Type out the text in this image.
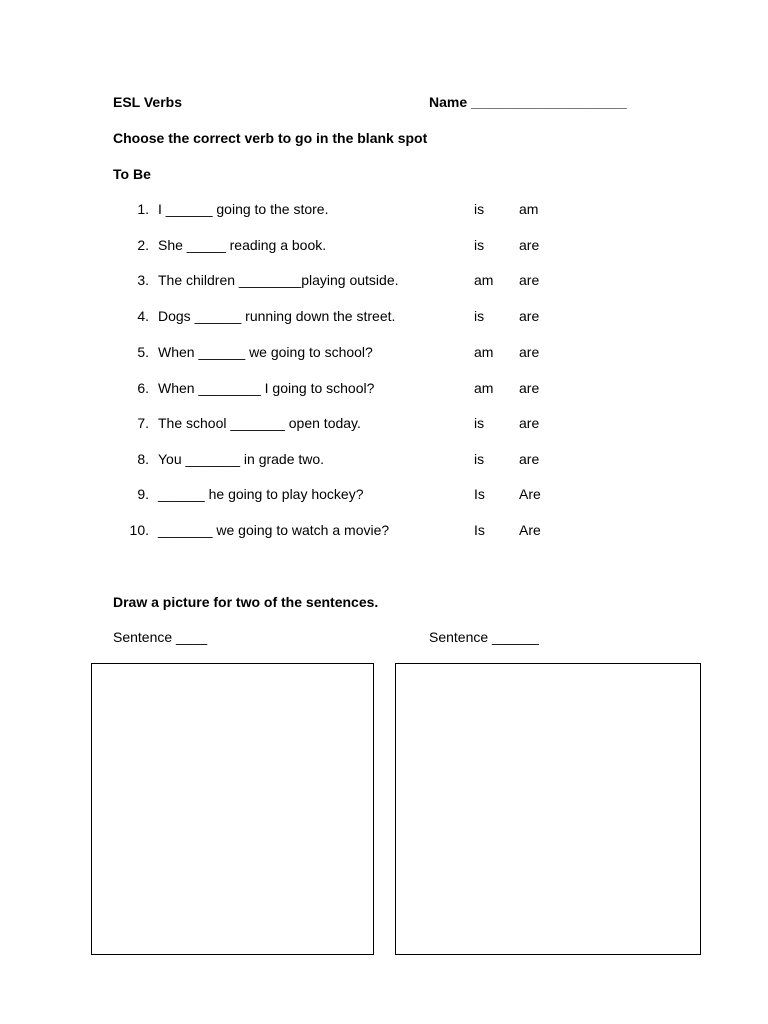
ESL Verbs	Name ____________________
Choose the correct verb to go in the blank spot
To Be
1. I ______ going to the store.	is am
2. She _____ reading a book.	is are
3. The children ________playing outside.	am are
4. Dogs ______ running down the street.	is are
5. When ______ we going to school?	am are
6. When ________ I going to school?	am are
7. The school _______ open today.	is are
8. You _______ in grade two.	is are
9. ______ he going to play hockey?	Is Are
10. _______ we going to watch a movie?	Is Are
Draw a picture for two of the sentences.
Sentence ____	Sentence ______
